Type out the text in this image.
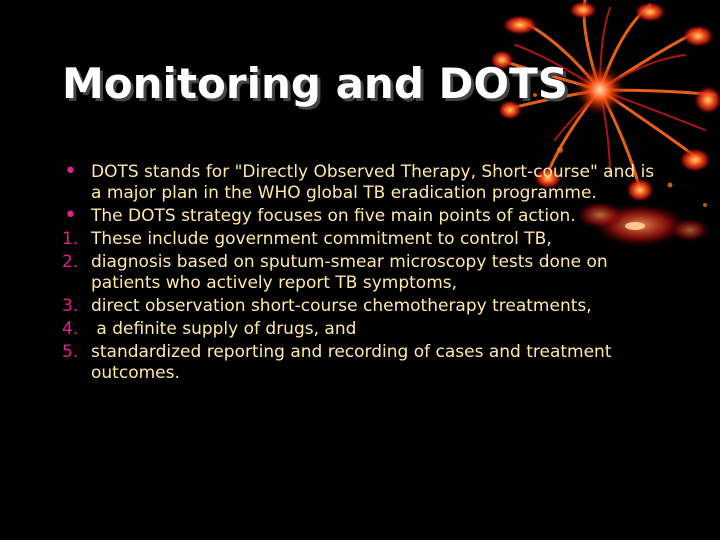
Monitoring and DOTS
• DOTS stands for "Directly Observed Therapy, Short-course" and is a major plan in the WHO global TB eradication programme.
• The DOTS strategy focuses on five main points of action.
1. These include government commitment to control TB,
2. diagnosis based on sputum-smear microscopy tests done on patients who actively report TB symptoms,
3. direct observation short-course chemotherapy treatments,
4. a definite supply of drugs, and
5. standardized reporting and recording of cases and treatment outcomes.
